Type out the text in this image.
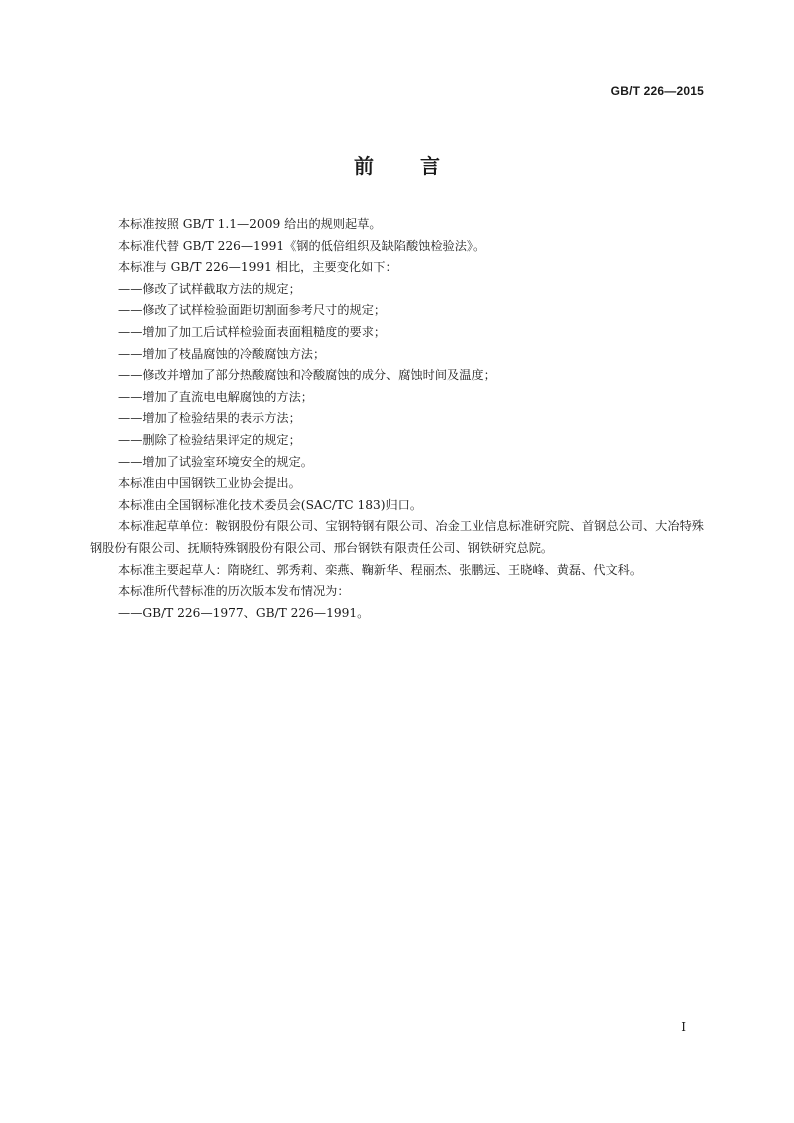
GB/T 226—2015
前 言

本标准按照 GB/T 1.1—2009 给出的规则起草。

本标准代替 GB/T 226—1991《钢的低倍组织及缺陷酸蚀检验法》。

本标准与 GB/T 226—1991 相比，主要变化如下：

——修改了试样截取方法的规定；

——修改了试样检验面距切割面参考尺寸的规定；

——增加了加工后试样检验面表面粗糙度的要求；

——增加了枝晶腐蚀的冷酸腐蚀方法；

——修改并增加了部分热酸腐蚀和冷酸腐蚀的成分、腐蚀时间及温度；

——增加了直流电电解腐蚀的方法；

——增加了检验结果的表示方法；

——删除了检验结果评定的规定；

——增加了试验室环境安全的规定。

本标准由中国钢铁工业协会提出。

本标准由全国钢标准化技术委员会(SAC/TC 183)归口。

本标准起草单位：鞍钢股份有限公司、宝钢特钢有限公司、冶金工业信息标准研究院、首钢总公司、大冶特殊钢股份有限公司、抚顺特殊钢股份有限公司、邢台钢铁有限责任公司、钢铁研究总院。

本标准主要起草人：隋晓红、郭秀莉、栾燕、鞠新华、程丽杰、张鹏远、王晓峰、黄磊、代文科。

本标准所代替标准的历次版本发布情况为：

——GB/T 226—1977、GB/T 226—1991。

I
